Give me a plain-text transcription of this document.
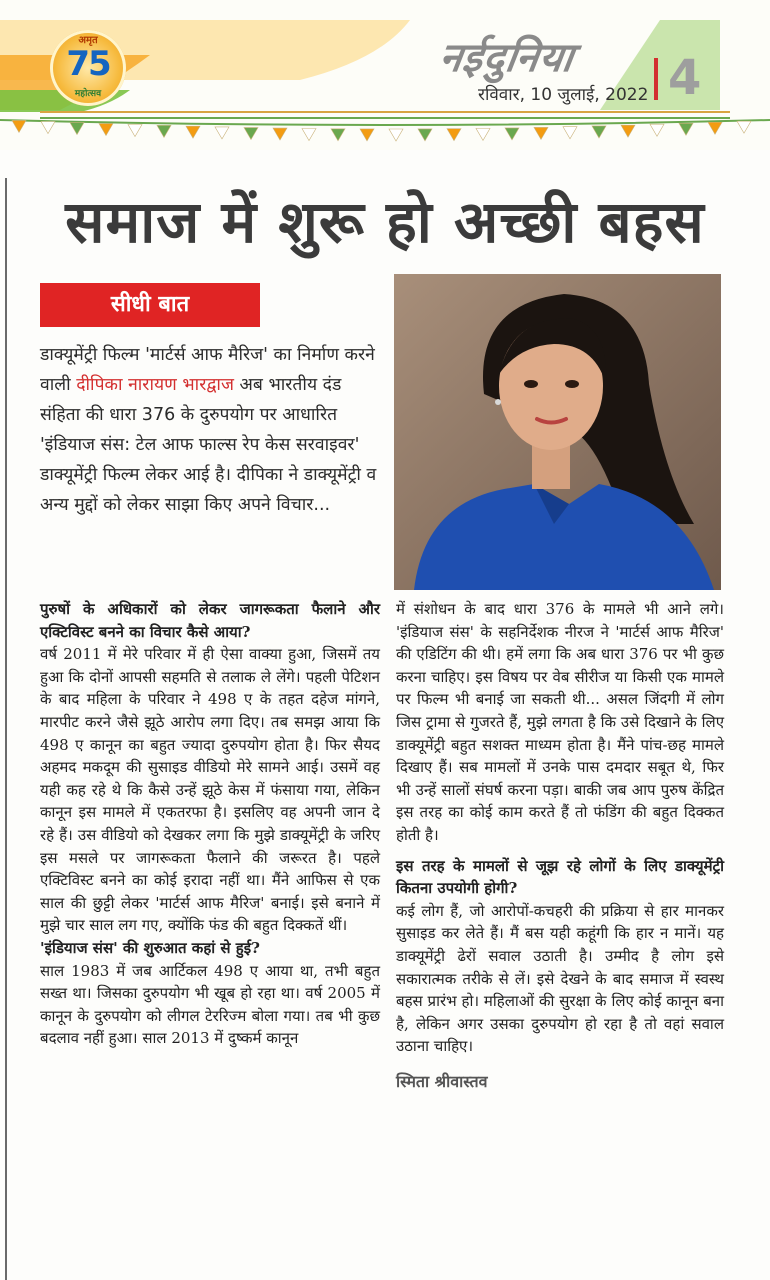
अमृत
75
महोत्सव
नईदुनिया
रविवार, 10 जुलाई, 2022 4
समाज में शुरू हो अच्छी बहस
सीधी बात
डाक्यूमेंट्री फिल्म 'मार्टर्स आफ मैरिज' का निर्माण करने वाली दीपिका नारायण भारद्वाज अब भारतीय दंड संहिता की धारा 376 के दुरुपयोग पर आधारित 'इंडियाज संस: टेल आफ फाल्स रेप केस सरवाइवर' डाक्यूमेंट्री फिल्म लेकर आई है। दीपिका ने डाक्यूमेंट्री व अन्य मुद्दों को लेकर साझा किए अपने विचार...

पुरुषों के अधिकारों को लेकर जागरूकता फैलाने और एक्टिविस्ट बनने का विचार कैसे आया?

वर्ष 2011 में मेरे परिवार में ही ऐसा वाक्या हुआ, जिसमें तय हुआ कि दोनों आपसी सहमति से तलाक ले लेंगे। पहली पेटिशन के बाद महिला के परिवार ने 498 ए के तहत दहेज मांगने, मारपीट करने जैसे झूठे आरोप लगा दिए। तब समझ आया कि 498 ए कानून का बहुत ज्यादा दुरुपयोग होता है। फिर सैयद अहमद मकदूम की सुसाइड वीडियो मेरे सामने आई। उसमें वह यही कह रहे थे कि कैसे उन्हें झूठे केस में फंसाया गया, लेकिन कानून इस मामले में एकतरफा है। इसलिए वह अपनी जान दे रहे हैं। उस वीडियो को देखकर लगा कि मुझे डाक्यूमेंट्री के जरिए इस मसले पर जागरूकता फैलाने की जरूरत है। पहले एक्टिविस्ट बनने का कोई इरादा नहीं था। मैंने आफिस से एक साल की छुट्टी लेकर 'मार्टर्स आफ मैरिज' बनाई। इसे बनाने में मुझे चार साल लग गए, क्योंकि फंड की बहुत दिक्कतें थीं।

'इंडियाज संस' की शुरुआत कहां से हुई?

साल 1983 में जब आर्टिकल 498 ए आया था, तभी बहुत सख्त था। जिसका दुरुपयोग भी खूब हो रहा था। वर्ष 2005 में कानून के दुरुपयोग को लीगल टेररिज्म बोला गया। तब भी कुछ बदलाव नहीं हुआ। साल 2013 में दुष्कर्म कानून

में संशोधन के बाद धारा 376 के मामले भी आने लगे। 'इंडियाज संस' के सहनिर्देशक नीरज ने 'मार्टर्स आफ मैरिज' की एडिटिंग की थी। हमें लगा कि अब धारा 376 पर भी कुछ करना चाहिए। इस विषय पर वेब सीरीज या किसी एक मामले पर फिल्म भी बनाई जा सकती थी... असल जिंदगी में लोग जिस ट्रामा से गुजरते हैं, मुझे लगता है कि उसे दिखाने के लिए डाक्यूमेंट्री बहुत सशक्त माध्यम होता है। मैंने पांच-छह मामले दिखाए हैं। सब मामलों में उनके पास दमदार सबूत थे, फिर भी उन्हें सालों संघर्ष करना पड़ा। बाकी जब आप पुरुष केंद्रित इस तरह का कोई काम करते हैं तो फंडिंग की बहुत दिक्कत होती है।

इस तरह के मामलों से जूझ रहे लोगों के लिए डाक्यूमेंट्री कितना उपयोगी होगी?

कई लोग हैं, जो आरोपों-कचहरी की प्रक्रिया से हार मानकर सुसाइड कर लेते हैं। मैं बस यही कहूंगी कि हार न मानें। यह डाक्यूमेंट्री ढेरों सवाल उठाती है। उम्मीद है लोग इसे सकारात्मक तरीके से लें। इसे देखने के बाद समाज में स्वस्थ बहस प्रारंभ हो। महिलाओं की सुरक्षा के लिए कोई कानून बना है, लेकिन अगर उसका दुरुपयोग हो रहा है तो वहां सवाल उठाना चाहिए।

स्मिता श्रीवास्तव
